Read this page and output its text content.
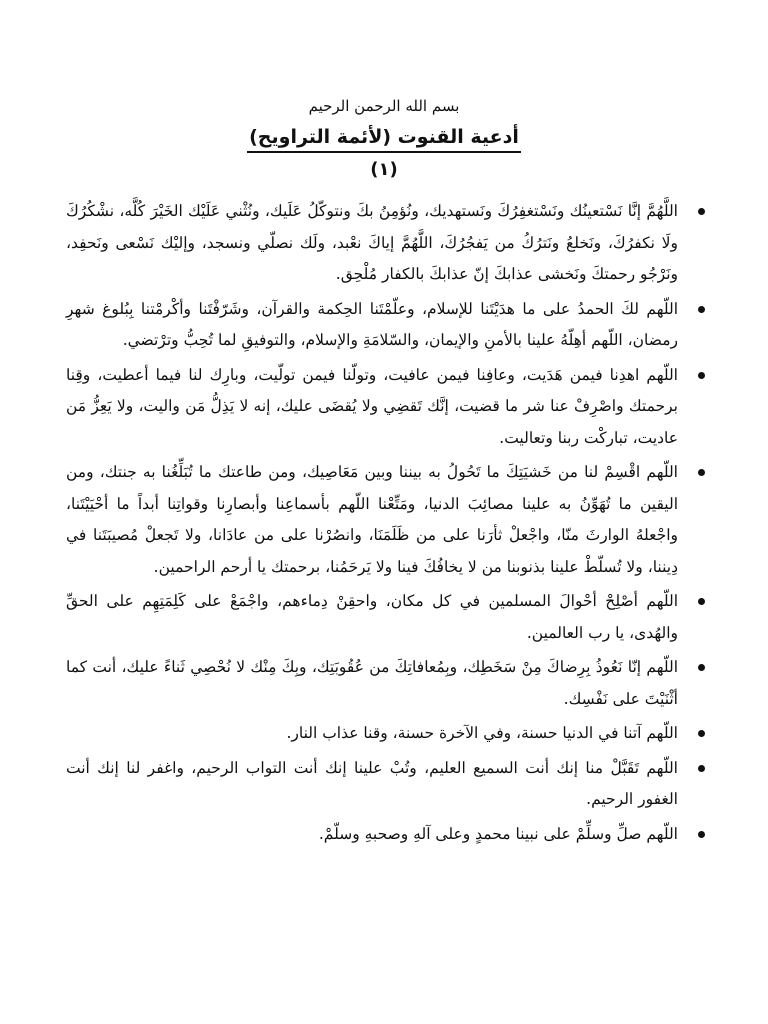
بسم الله الرحمن الرحيم
أدعية القنوت (لأئمة التراويح)
(١)
اللَّهُمَّ إنَّا نَسْتعينُك ونَسْتغفِرُكَ ونَستهديك، ونُؤمِنُ بكَ ونتوكّلُ عَلَيك، ونُثْني عَلَيْك الخَيْرَ كُلَّه، نشْكُرُكَ ولَا نكفرُكَ، ونَخلعُ ونَترُكُ من يَفجُرُكَ، اللَّهُمَّ إياكَ نعْبد، ولَك نصلّي ونسجد، وإليْك نَسْعى ونَحفِد، ونَرْجُو رحمتكَ ونَخشى عذابكَ إنّ عذابكَ بالكفار مُلْحِق.
اللّهم لكَ الحمدُ على ما هدَيْتَنا للإسلام، وعلّمْتَنا الحِكمة والقرآن، وشَرّفْتَنا وأكْرمْتنا بِبُلوغ شهرِ رمضان، اللّهم أهِلّهُ علينا بالأمنِ والإيمان، والسّلامَةِ والإسلام، والتوفيقِ لما تُحِبُّ وترْتضي.
اللّهم اهدِنا فيمن هَدَيت، وعافِنا فيمن عافيت، وتولّنا فيمن تولّيت، وبارِك لنا فيما أعطيت، وقِنا برحمتك واصْرِفْ عنا شر ما قضيت، إنَّك تَقضِي ولا يُقضَى عليك، إنه لا يَذِلُّ مَن واليت، ولا يَعِزُّ مَن عاديت، تباركْت ربنا وتعاليت.
اللّهم اقْسِمْ لنا من خَشيَتِكَ ما تَحُولُ به بيننا وبين مَعَاصِيك، ومن طاعتك ما تُبَلِّغُنا به جنتك، ومن اليقين ما تُهَوِّنُ به علينا مصائِبَ الدنيا، ومَتِّعْنا اللّهم بأسماعِنا وأبصارِنا وقواتِنا أبداً ما أحْيَيْتَنا، واجْعلهُ الوارثَ منّا، واجْعلْ ثأرَنا على من ظَلَمَنَا، وانصُرْنا على من عادَانا، ولا تَجعلْ مُصيبَتَنا في دِيننا، ولا تُسلّطْ علينا بذنوبنا من لا يخافُكَ فينا ولا يَرحَمُنا، برحمتك يا أرحم الراحمين.
اللّهم أصْلِحْ أحْوالَ المسلمين في كل مكان، واحقِنْ دِماءهم، واجْمَعْ على كَلِمَتِهِم على الحقِّ والهُدى، يا رب العالمين.
اللّهم إنّا نَعُوذُ بِرِضاكَ مِنْ سَخَطِك، وبِمُعافاتِكَ من عُقُوبَتِك، وبِكَ مِنْك لا نُحْصِي ثَناءً عليك، أنت كما أثْنَيْتَ على نَفْسِك.
اللّهم آتنا في الدنيا حسنة، وفي الآخرة حسنة، وقنا عذاب النار.
اللّهم تَقَبَّلْ منا إنك أنت السميع العليم، وتُبْ علينا إنك أنت التواب الرحيم، واغفر لنا إنك أنت الغفور الرحيم.
اللّهم صلِّ وسلِّمْ على نبينا محمدٍ وعلى آلهِ وصحبهِ وسلّمْ.
